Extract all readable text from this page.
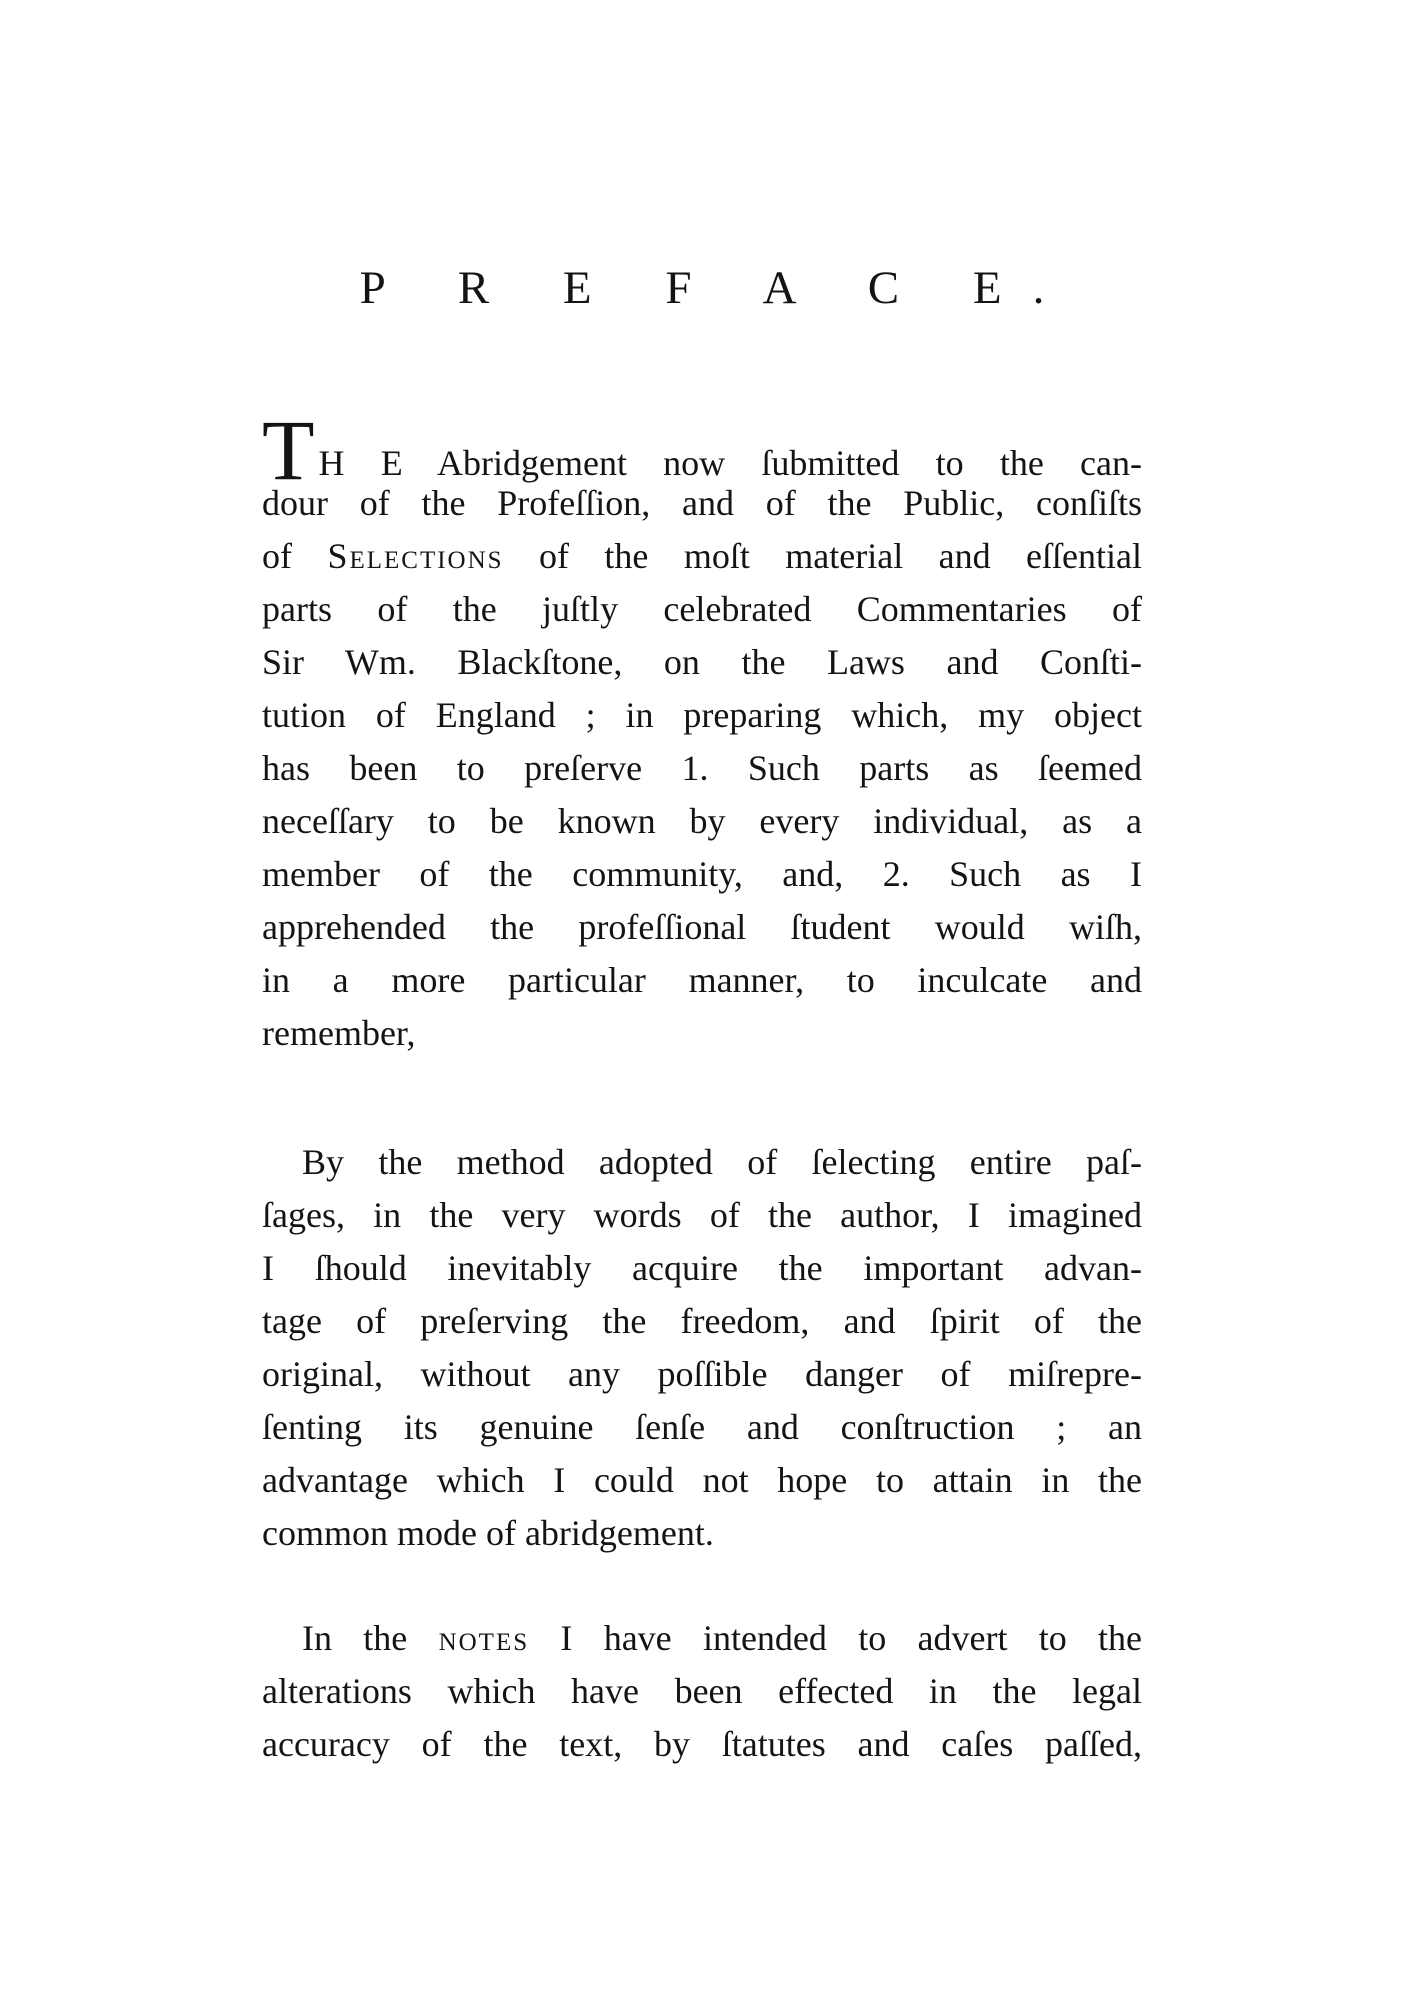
P R E F A C E.
T H E Abridgement now ſubmitted to the can-
dour of the Profeſſion, and of the Public, conſiſts
of Selections of the moſt material and eſſential
parts of the juſtly celebrated Commentaries of
Sir Wm. Blackſtone, on the Laws and Conſti-
tution of England ; in preparing which, my object
has been to preſerve 1. Such parts as ſeemed
neceſſary to be known by every individual, as a
member of the community, and, 2. Such as I
apprehended the profeſſional ſtudent would wiſh,
in a more particular manner, to inculcate and
remember,
By the method adopted of ſelecting entire paſ-
ſages, in the very words of the author, I imagined
I ſhould inevitably acquire the important advan-
tage of preſerving the freedom, and ſpirit of the
original, without any poſſible danger of miſrepre-
ſenting its genuine ſenſe and conſtruction ; an
advantage which I could not hope to attain in the
common mode of abridgement.
In the notes I have intended to advert to the
alterations which have been effected in the legal
accuracy of the text, by ſtatutes and caſes paſſed,
